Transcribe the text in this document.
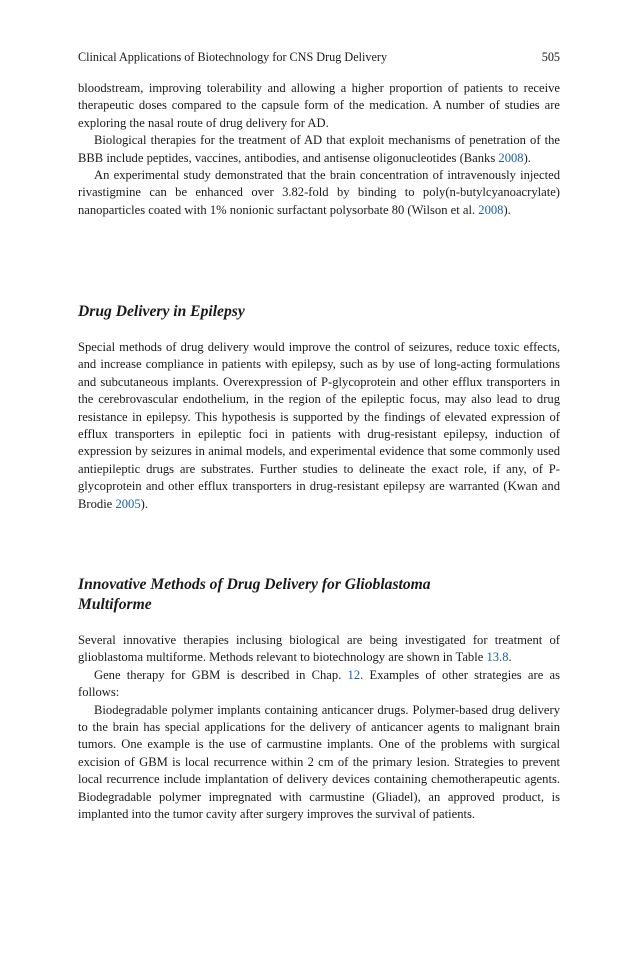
Clinical Applications of Biotechnology for CNS Drug Delivery	505

bloodstream, improving tolerability and allowing a higher proportion of patients to receive therapeutic doses compared to the capsule form of the medication. A number of studies are exploring the nasal route of drug delivery for AD.

Biological therapies for the treatment of AD that exploit mechanisms of penetration of the BBB include peptides, vaccines, antibodies, and antisense oligonucleotides (Banks 2008).

An experimental study demonstrated that the brain concentration of intravenously injected rivastigmine can be enhanced over 3.82-fold by binding to poly(n-butylcyanoacrylate) nanoparticles coated with 1% nonionic surfactant polysorbate 80 (Wilson et al. 2008).

Drug Delivery in Epilepsy

Special methods of drug delivery would improve the control of seizures, reduce toxic effects, and increase compliance in patients with epilepsy, such as by use of long-acting formulations and subcutaneous implants. Overexpression of P-glycoprotein and other efflux transporters in the cerebrovascular endothelium, in the region of the epileptic focus, may also lead to drug resistance in epilepsy. This hypothesis is supported by the findings of elevated expression of efflux transporters in epileptic foci in patients with drug-resistant epilepsy, induction of expression by seizures in animal models, and experimental evidence that some commonly used antiepileptic drugs are substrates. Further studies to delineate the exact role, if any, of P-glycoprotein and other efflux transporters in drug-resistant epilepsy are warranted (Kwan and Brodie 2005).

Innovative Methods of Drug Delivery for Glioblastoma
Multiforme

Several innovative therapies inclusing biological are being investigated for treatment of glioblastoma multiforme. Methods relevant to biotechnology are shown in Table 13.8.

Gene therapy for GBM is described in Chap. 12. Examples of other strategies are as follows:

Biodegradable polymer implants containing anticancer drugs. Polymer-based drug delivery to the brain has special applications for the delivery of anticancer agents to malignant brain tumors. One example is the use of carmustine implants. One of the problems with surgical excision of GBM is local recurrence within 2 cm of the primary lesion. Strategies to prevent local recurrence include implantation of delivery devices containing chemotherapeutic agents. Biodegradable polymer impregnated with carmustine (Gliadel), an approved product, is implanted into the tumor cavity after surgery improves the survival of patients.
